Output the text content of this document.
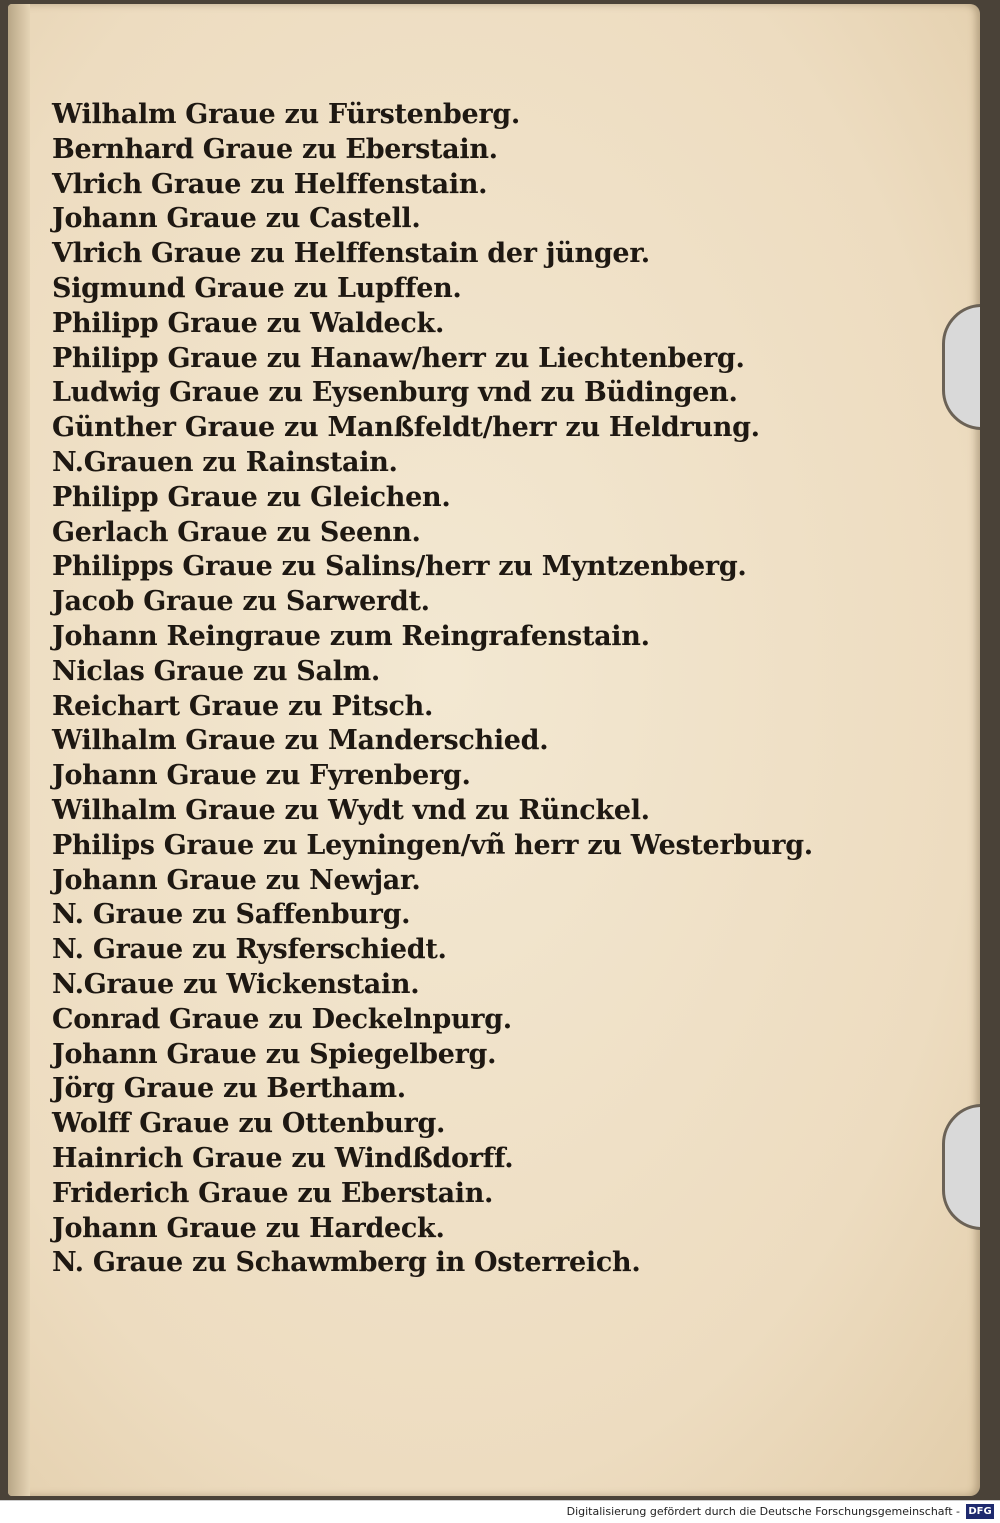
Wilhalm Graue zu Fürstenberg.
Bernhard Graue zu Eberstain.
Vlrich Graue zu Helffenstain.
Johann Graue zu Castell.
Vlrich Graue zu Helffenstain der jünger.
Sigmund Graue zu Lupffen.
Philipp Graue zu Waldeck.
Philipp Graue zu Hanaw/herr zu Liechtenberg.
Ludwig Graue zu Eysenburg vnd zu Büdingen.
Günther Graue zu Manßfeldt/herr zu Heldrung.
N.Grauen zu Rainstain.
Philipp Graue zu Gleichen.
Gerlach Graue zu Seenn.
Philipps Graue zu Salins/herr zu Myntzenberg.
Jacob Graue zu Sarwerdt.
Johann Reingraue zum Reingrafenstain.
Niclas Graue zu Salm.
Reichart Graue zu Pitsch.
Wilhalm Graue zu Manderschied.
Johann Graue zu Fyrenberg.
Wilhalm Graue zu Wydt vnd zu Rünckel.
Philips Graue zu Leyningen/vñ herr zu Westerburg.
Johann Graue zu Newjar.
N. Graue zu Saffenburg.
N. Graue zu Rysferschiedt.
N.Graue zu Wickenstain.
Conrad Graue zu Deckelnpurg.
Johann Graue zu Spiegelberg.
Jörg Graue zu Bertham.
Wolff Graue zu Ottenburg.
Hainrich Graue zu Windßdorff.
Friderich Graue zu Eberstain.
Johann Graue zu Hardeck.
N. Graue zu Schawmberg in Osterreich.
Digitalisierung gefördert durch die Deutsche Forschungsgemeinschaft - DFG
